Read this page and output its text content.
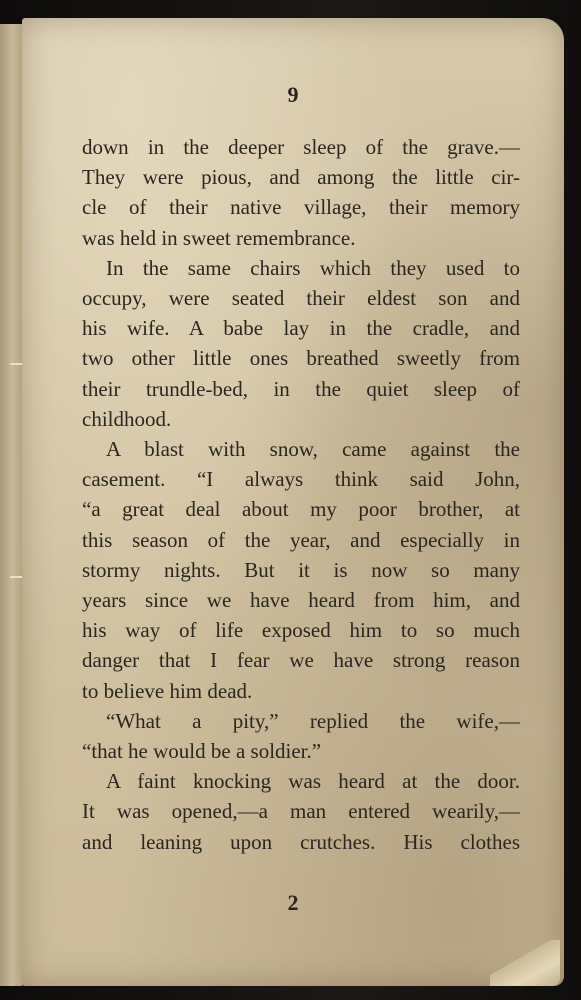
9
down in the deeper sleep of the grave.—
They were pious, and among the little cir-
cle of their native village, their memory
was held in sweet remembrance.
In the same chairs which they used to
occupy, were seated their eldest son and
his wife. A babe lay in the cradle, and
two other little ones breathed sweetly from
their trundle-bed, in the quiet sleep of
childhood.
A blast with snow, came against the
casement. “I always think said John,
“a great deal about my poor brother, at
this season of the year, and especially in
stormy nights. But it is now so many
years since we have heard from him, and
his way of life exposed him to so much
danger that I fear we have strong reason
to believe him dead.
“What a pity,” replied the wife,—
“that he would be a soldier.”
A faint knocking was heard at the door.
It was opened,—a man entered wearily,—
and leaning upon crutches. His clothes
2
